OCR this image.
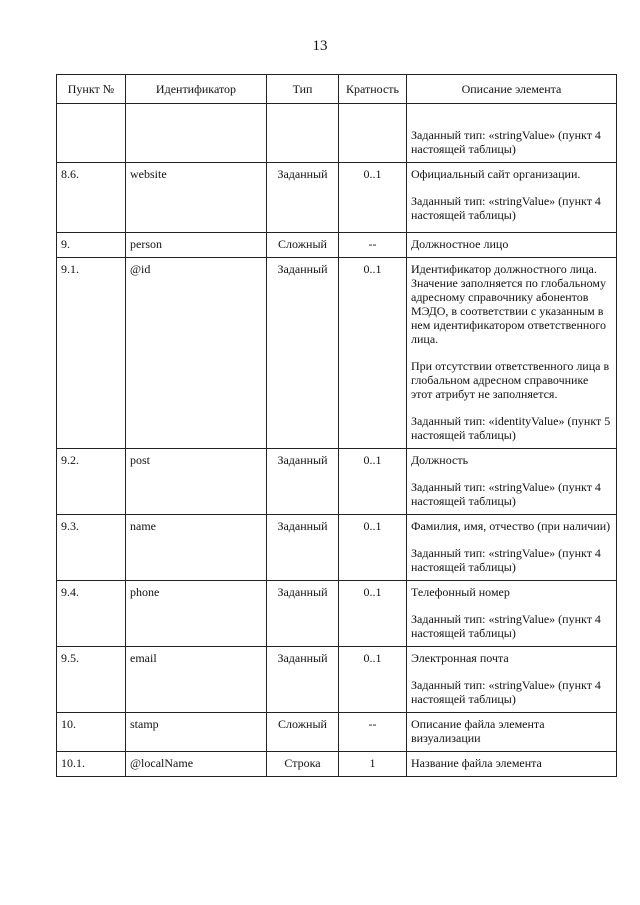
13
Пункт №	Идентификатор	Тип	Кратность	Описание элемента

				Заданный тип: «stringValue» (пункт 4 настоящей таблицы)

8.6.	website	Заданный	0..1	Официальный сайт организации.

Заданный тип: «stringValue» (пункт 4 настоящей таблицы)

9.	person	Сложный	--	Должностное лицо

9.1.	@id	Заданный	0..1	Идентификатор должностного лица. Значение заполняется по глобальному адресному справочнику абонентов МЭДО, в соответствии с указанным в нем идентификатором ответственного лица.

При отсутствии ответственного лица в глобальном адресном справочнике этот атрибут не заполняется.

Заданный тип: «identityValue» (пункт 5 настоящей таблицы)

9.2.	post	Заданный	0..1	Должность

Заданный тип: «stringValue» (пункт 4 настоящей таблицы)

9.3.	name	Заданный	0..1	Фамилия, имя, отчество (при наличии)

Заданный тип: «stringValue» (пункт 4 настоящей таблицы)

9.4.	phone	Заданный	0..1	Телефонный номер

Заданный тип: «stringValue» (пункт 4 настоящей таблицы)

9.5.	email	Заданный	0..1	Электронная почта

Заданный тип: «stringValue» (пункт 4 настоящей таблицы)

10.	stamp	Сложный	--	Описание файла элемента визуализации

10.1.	@localName	Строка	1	Название файла элемента
